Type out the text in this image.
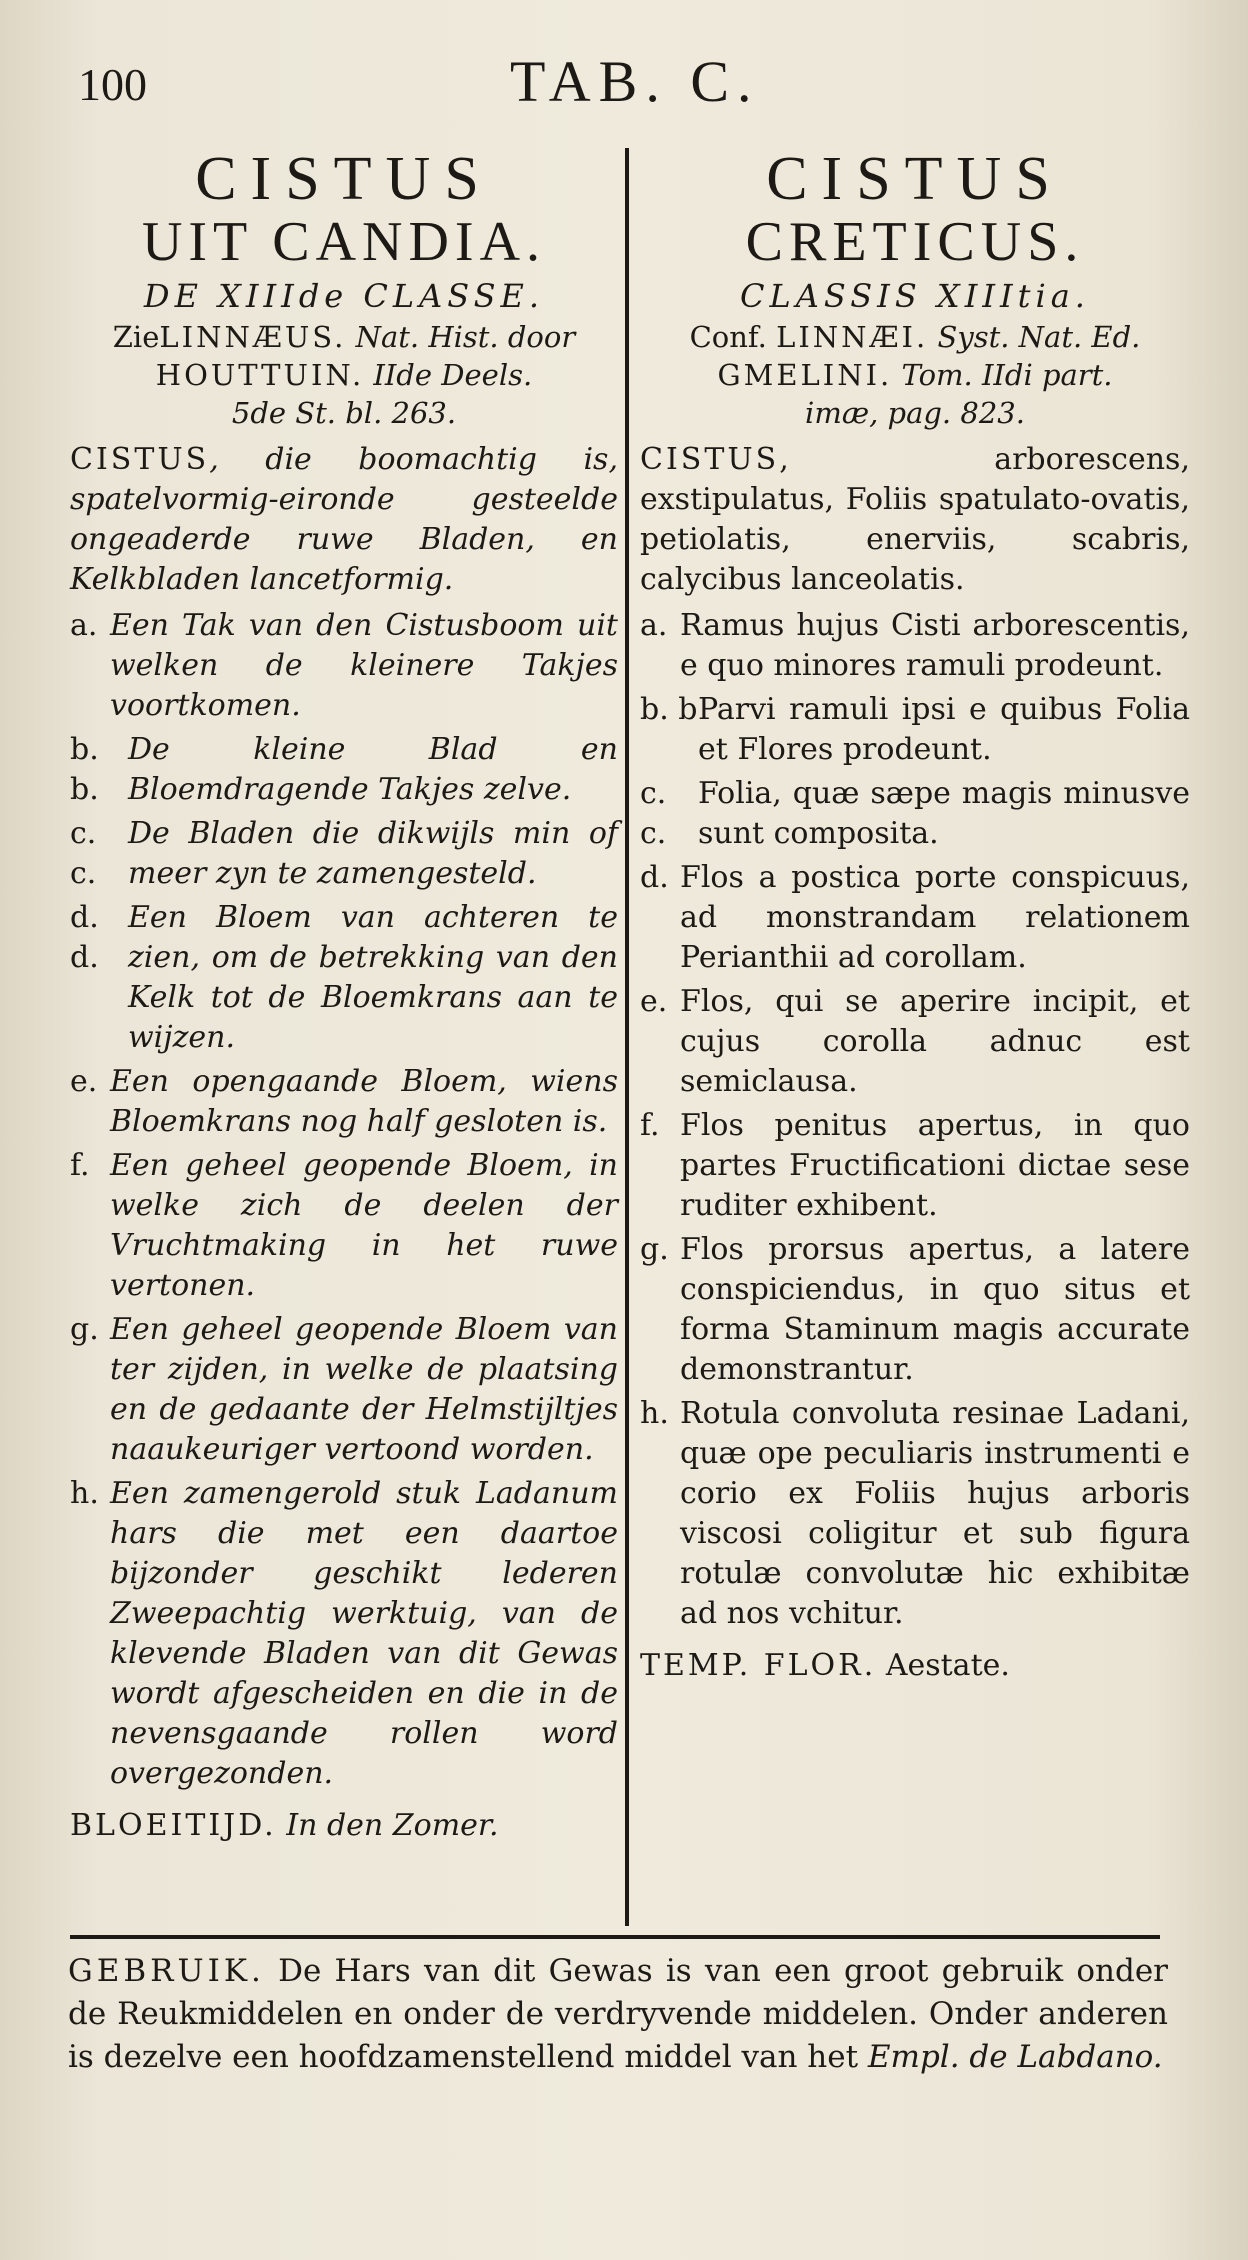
100	TAB. C.
CISTUS
UIT CANDIA.
DE XIIIde CLASSE.
ZieLINNÆUS. Nat. Hist. door
HOUTTUIN. IIde Deels.
5de St. bl. 263.
CISTUS, die boomachtig is, spatelvormig-eironde gesteelde ongeaderde ruwe Bladen, en Kelkbladen lancetformig.
a. Een Tak van den Cistusboom uit welken de kleinere Takjes voortkomen.
b. b.
De kleine Blad en Bloemdragende Takjes zelve.
c. c.
De Bladen die dikwijls min of meer zyn te zamengesteld.
d. d.
Een Bloem van achteren te zien, om de betrekking van den Kelk tot de Bloemkrans aan te wijzen.
e. Een opengaande Bloem, wiens Bloemkrans nog half gesloten is.
f. Een geheel geopende Bloem, in welke zich de deelen der Vruchtmaking in het ruwe vertonen.
g. Een geheel geopende Bloem van ter zijden, in welke de plaatsing en de gedaante der Helmstijltjes naaukeuriger vertoond worden.
h. Een zamengerold stuk Ladanum hars die met een daartoe bijzonder geschikt lederen Zweepachtig werktuig, van de klevende Bladen van dit Gewas wordt afgescheiden en die in de nevensgaande rollen word overgezonden.
BLOEITIJD. In den Zomer.
CISTUS
CRETICUS.
CLASSIS XIIItia.
Conf. LINNÆI. Syst. Nat. Ed.
GMELINI. Tom. IIdi part.
imæ, pag. 823.
CISTUS, arborescens, exstipulatus, Foliis spatulato-ovatis, petiolatis, enerviis, scabris, calycibus lanceolatis.
a. Ramus hujus Cisti arborescentis, e quo minores ramuli prodeunt.
b. b Parvi ramuli ipsi e quibus Folia et Flores prodeunt.
c. c.
Folia, quæ sæpe magis minusve sunt composita.
d. Flos a postica porte conspicuus, ad monstrandam relationem Perianthii ad corollam.
e. Flos, qui se aperire incipit, et cujus corolla adnuc est semiclausa.
f. Flos penitus apertus, in quo partes Fructificationi dictae sese ruditer exhibent.
g. Flos prorsus apertus, a latere conspiciendus, in quo situs et forma Staminum magis accurate demonstrantur.
h. Rotula convoluta resinae Ladani, quæ ope peculiaris instrumenti e corio ex Foliis hujus arboris viscosi coligitur et sub figura rotulæ convolutæ hic exhibitæ ad nos vchitur.
TEMP. FLOR. Aestate.
GEBRUIK. De Hars van dit Gewas is van een groot gebruik onder de Reukmiddelen en onder de verdryvende middelen. Onder anderen is dezelve een hoofdzamenstellend middel van het Empl. de Labdano.
